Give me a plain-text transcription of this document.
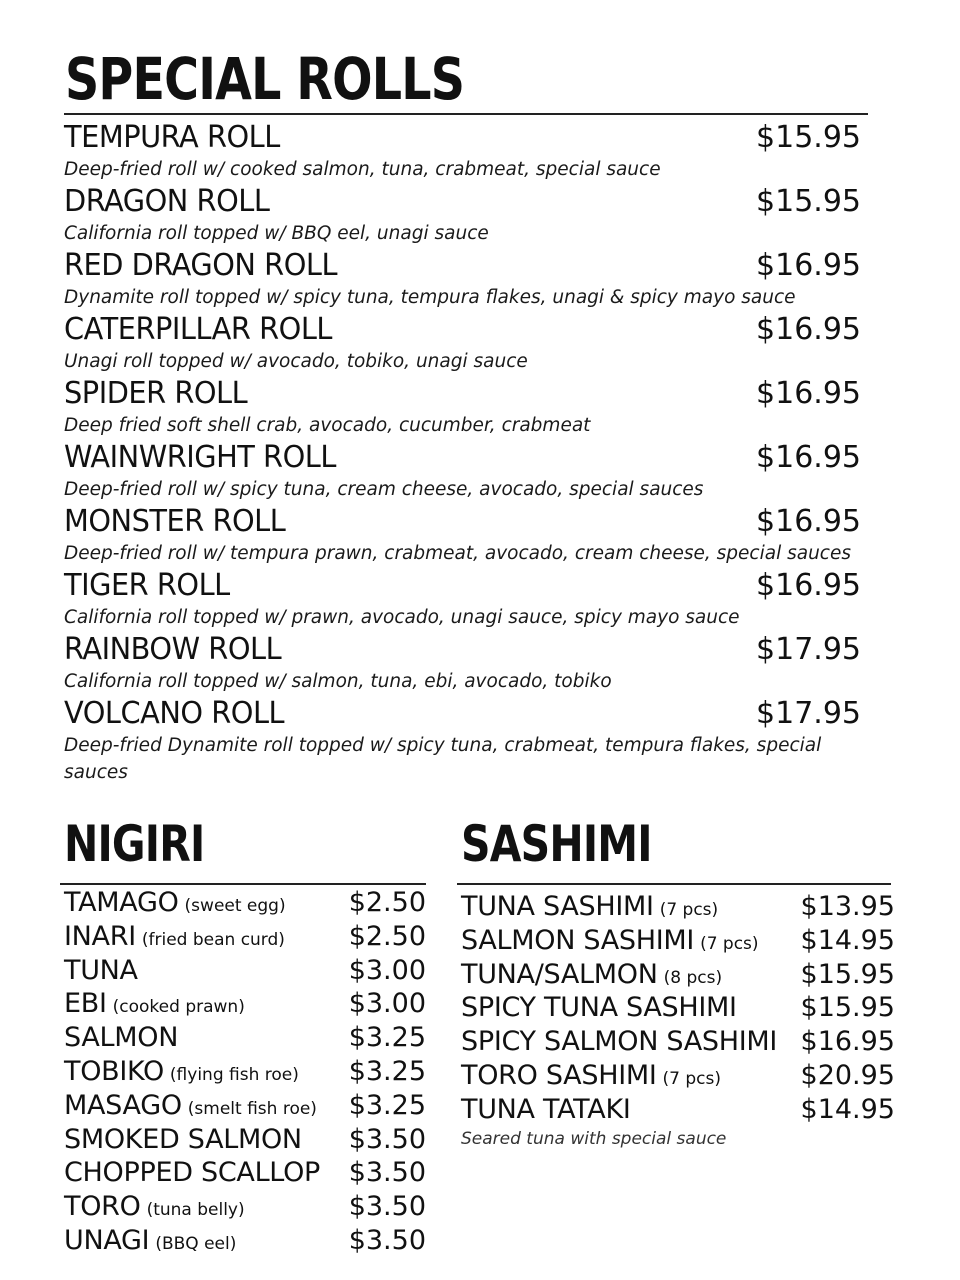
SPECIAL ROLLS
TEMPURA ROLL	$15.95
Deep-fried roll w/ cooked salmon, tuna, crabmeat, special sauce
DRAGON ROLL	$15.95
California roll topped w/ BBQ eel, unagi sauce
RED DRAGON ROLL	$16.95
Dynamite roll topped w/ spicy tuna, tempura flakes, unagi & spicy mayo sauce
CATERPILLAR ROLL	$16.95
Unagi roll topped w/ avocado, tobiko, unagi sauce
SPIDER ROLL	$16.95
Deep fried soft shell crab, avocado, cucumber, crabmeat
WAINWRIGHT ROLL	$16.95
Deep-fried roll w/ spicy tuna, cream cheese, avocado, special sauces
MONSTER ROLL	$16.95
Deep-fried roll w/ tempura prawn, crabmeat, avocado, cream cheese, special sauces
TIGER ROLL	$16.95
California roll topped w/ prawn, avocado, unagi sauce, spicy mayo sauce
RAINBOW ROLL	$17.95
California roll topped w/ salmon, tuna, ebi, avocado, tobiko
VOLCANO ROLL	$17.95
Deep-fried Dynamite roll topped w/ spicy tuna, crabmeat, tempura flakes, special sauces
NIGIRI	SASHIMI
TAMAGO (sweet egg) $2.50
INARI (fried bean curd) $2.50
TUNA	$3.00
EBI (cooked prawn)	$3.00
SALMON	$3.25
TOBIKO (flying fish roe) $3.25
MASAGO (smelt fish roe) $3.25
SMOKED SALMON $3.50
CHOPPED SCALLOP $3.50
TORO (tuna belly)	$3.50
UNAGI (BBQ eel)	$3.50
TUNA SASHIMI (7 pcs)	$13.95
SALMON SASHIMI (7 pcs) $14.95
TUNA/SALMON (8 pcs)	$15.95
SPICY TUNA SASHIMI $15.95
SPICY SALMON SASHIMI $16.95
TORO SASHIMI (7 pcs)	$20.95
TUNA TATAKI	$14.95
Seared tuna with special sauce
